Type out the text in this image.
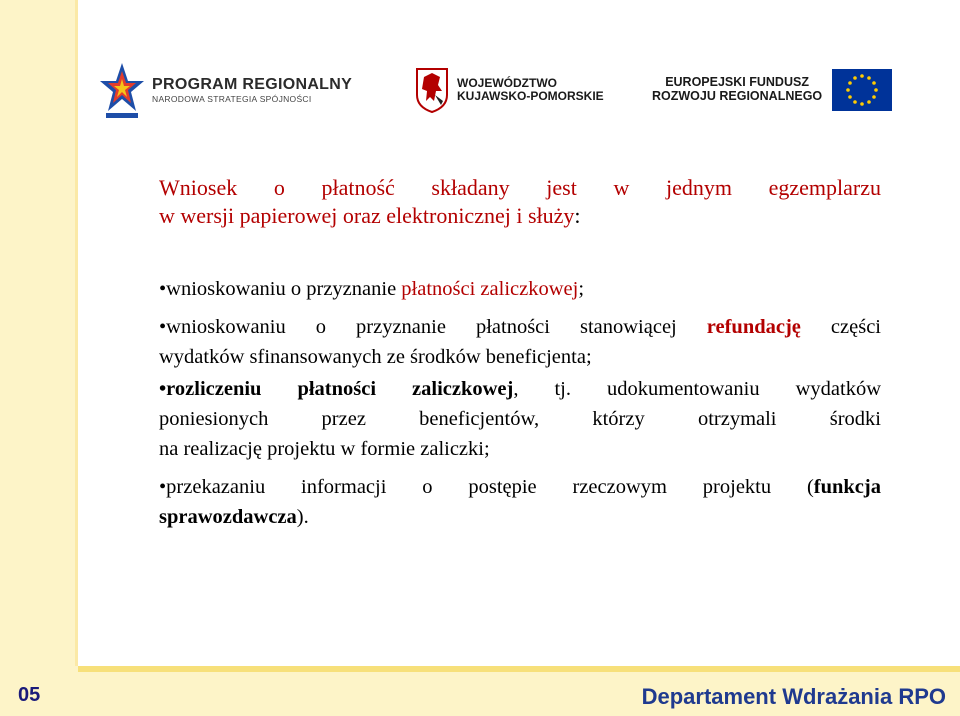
PROGRAM REGIONALNY
NARODOWA STRATEGIA SPÓJNOŚCI
WOJEWÓDZTWO
KUJAWSKO-POMORSKIE
EUROPEJSKI FUNDUSZ
ROZWOJU REGIONALNEGO
Wniosek o płatność składany jest w jednym egzemplarzu
w wersji papierowej oraz elektronicznej i służy:
•wnioskowaniu o przyznanie płatności zaliczkowej;
•wnioskowaniu o przyznanie płatności stanowiącej refundację części
wydatków sfinansowanych ze środków beneficjenta;
•rozliczeniu płatności zaliczkowej, tj. udokumentowaniu wydatków
poniesionych przez beneficjentów, którzy otrzymali środki
na realizację projektu w formie zaliczki;
•przekazaniu informacji o postępie rzeczowym projektu (funkcja
sprawozdawcza).
05	Departament Wdrażania RPO
